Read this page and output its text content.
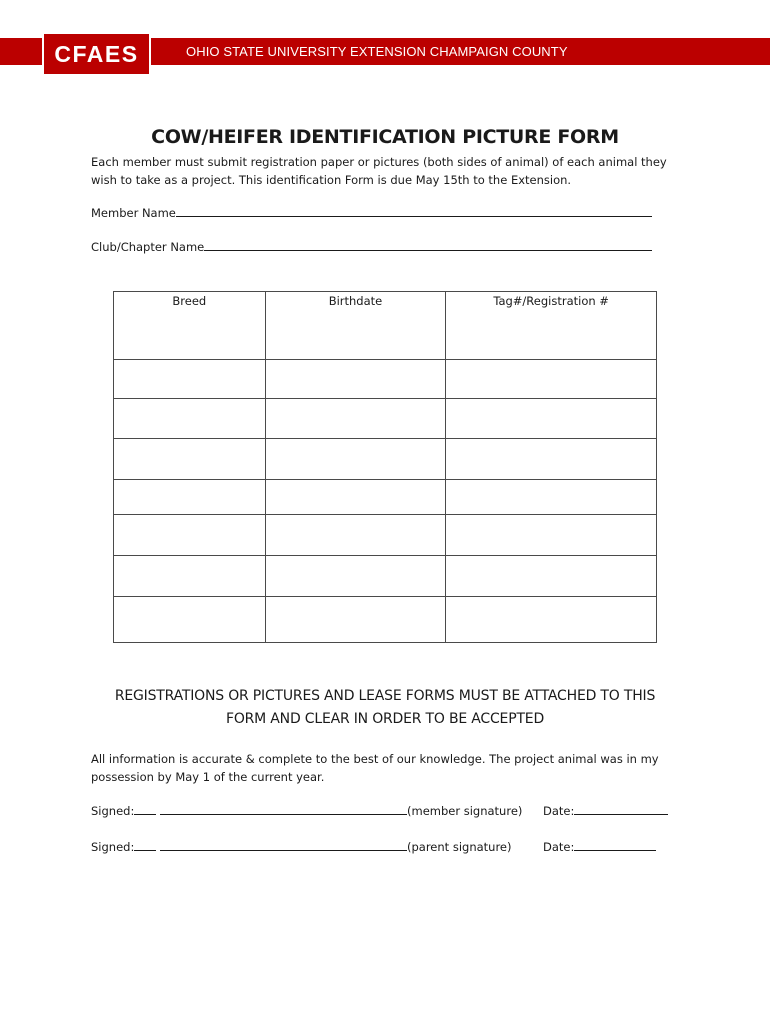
OHIO STATE UNIVERSITY EXTENSION CHAMPAIGN COUNTY
CFAES
COW/HEIFER IDENTIFICATION PICTURE FORM
Each member must submit registration paper or pictures (both sides of animal) of each animal they wish to take as a project. This identification Form is due May 15th to the Extension.
Member Name
Club/Chapter Name
Breed	Birthdate	Tag#/Registration #

REGISTRATIONS OR PICTURES AND LEASE FORMS MUST BE ATTACHED TO THIS
FORM AND CLEAR IN ORDER TO BE ACCEPTED
All information is accurate & complete to the best of our knowledge. The project animal was in my possession by May 1 of the current year.
Signed:	(member signature) Date:
Signed:	(parent signature)	Date:
